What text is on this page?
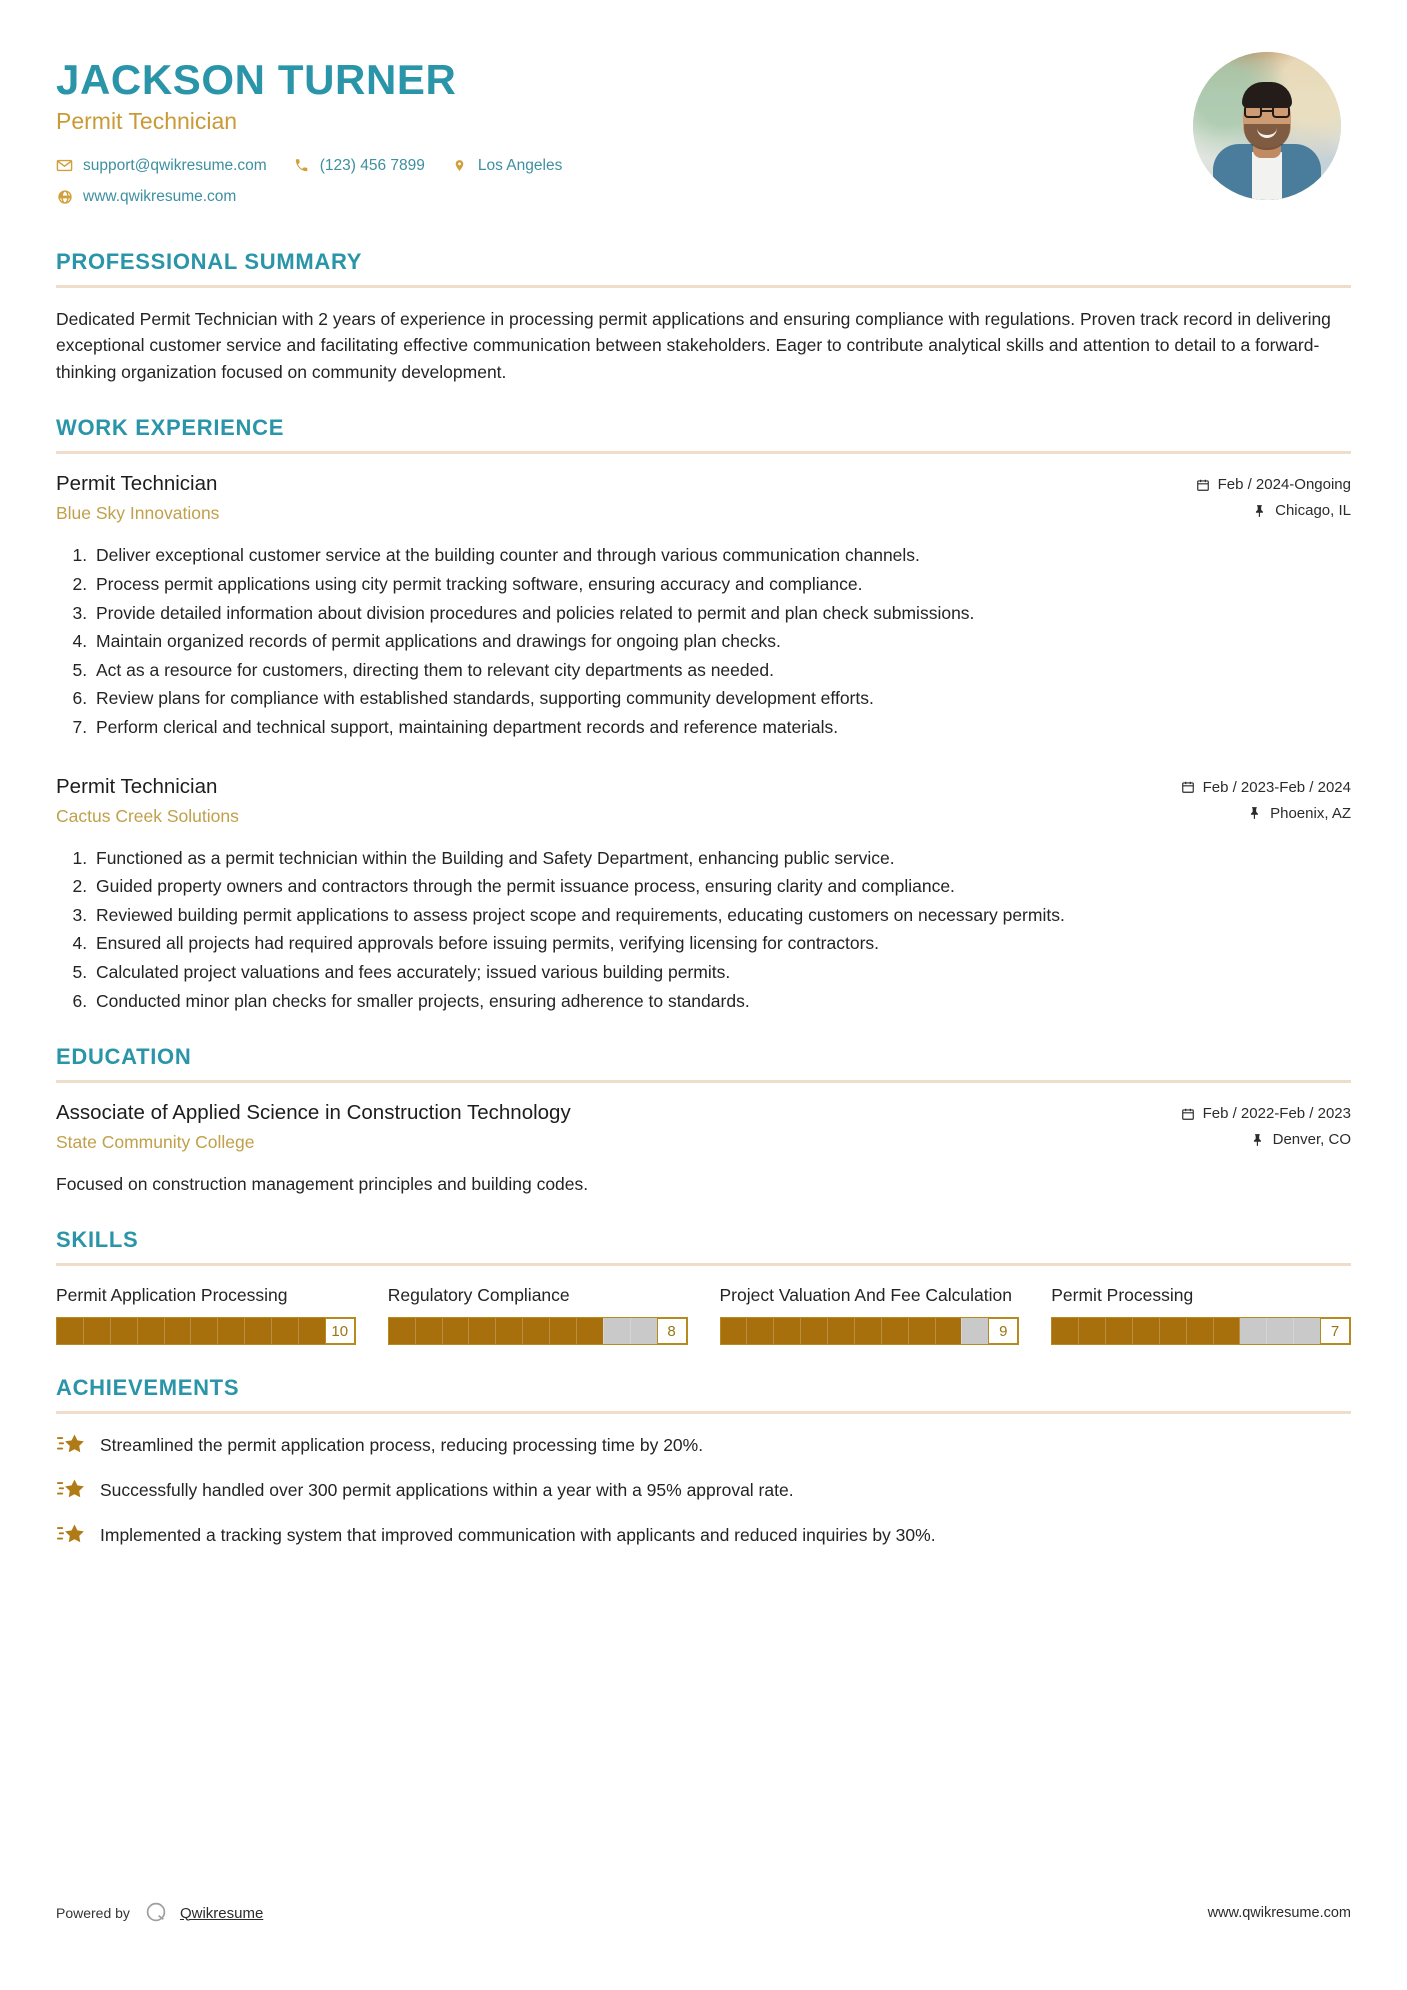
JACKSON TURNER
Permit Technician
support@qwikresume.com	(123) 456 7899	Los Angeles
www.qwikresume.com
PROFESSIONAL SUMMARY

Dedicated Permit Technician with 2 years of experience in processing permit applications and ensuring compliance with regulations. Proven track record in delivering exceptional customer service and facilitating effective communication between stakeholders. Eager to contribute analytical skills and attention to detail to a forward-thinking organization focused on community development.

WORK EXPERIENCE
Permit Technician
Blue Sky Innovations
Feb / 2024-Ongoing
Chicago, IL
1. Deliver exceptional customer service at the building counter and through various communication channels.
2. Process permit applications using city permit tracking software, ensuring accuracy and compliance.
3. Provide detailed information about division procedures and policies related to permit and plan check submissions.
4. Maintain organized records of permit applications and drawings for ongoing plan checks.
5. Act as a resource for customers, directing them to relevant city departments as needed.
6. Review plans for compliance with established standards, supporting community development efforts.
7. Perform clerical and technical support, maintaining department records and reference materials.
Permit Technician
Cactus Creek Solutions
Feb / 2023-Feb / 2024
Phoenix, AZ
1. Functioned as a permit technician within the Building and Safety Department, enhancing public service.
2. Guided property owners and contractors through the permit issuance process, ensuring clarity and compliance.
3. Reviewed building permit applications to assess project scope and requirements, educating customers on necessary permits.
4. Ensured all projects had required approvals before issuing permits, verifying licensing for contractors.
5. Calculated project valuations and fees accurately; issued various building permits.
6. Conducted minor plan checks for smaller projects, ensuring adherence to standards.
EDUCATION
Associate of Applied Science in Construction Technology
State Community College
Feb / 2022-Feb / 2023
Denver, CO

Focused on construction management principles and building codes.

SKILLS
Permit Application Processing
10
Regulatory Compliance
8
Project Valuation And Fee Calculation
9
Permit Processing
7
ACHIEVEMENTS
Streamlined the permit application process, reducing processing time by 20%.
Successfully handled over 300 permit applications within a year with a 95% approval rate.
Implemented a tracking system that improved communication with applicants and reduced inquiries by 30%.
Powered by	Qwikresume	www.qwikresume.com
